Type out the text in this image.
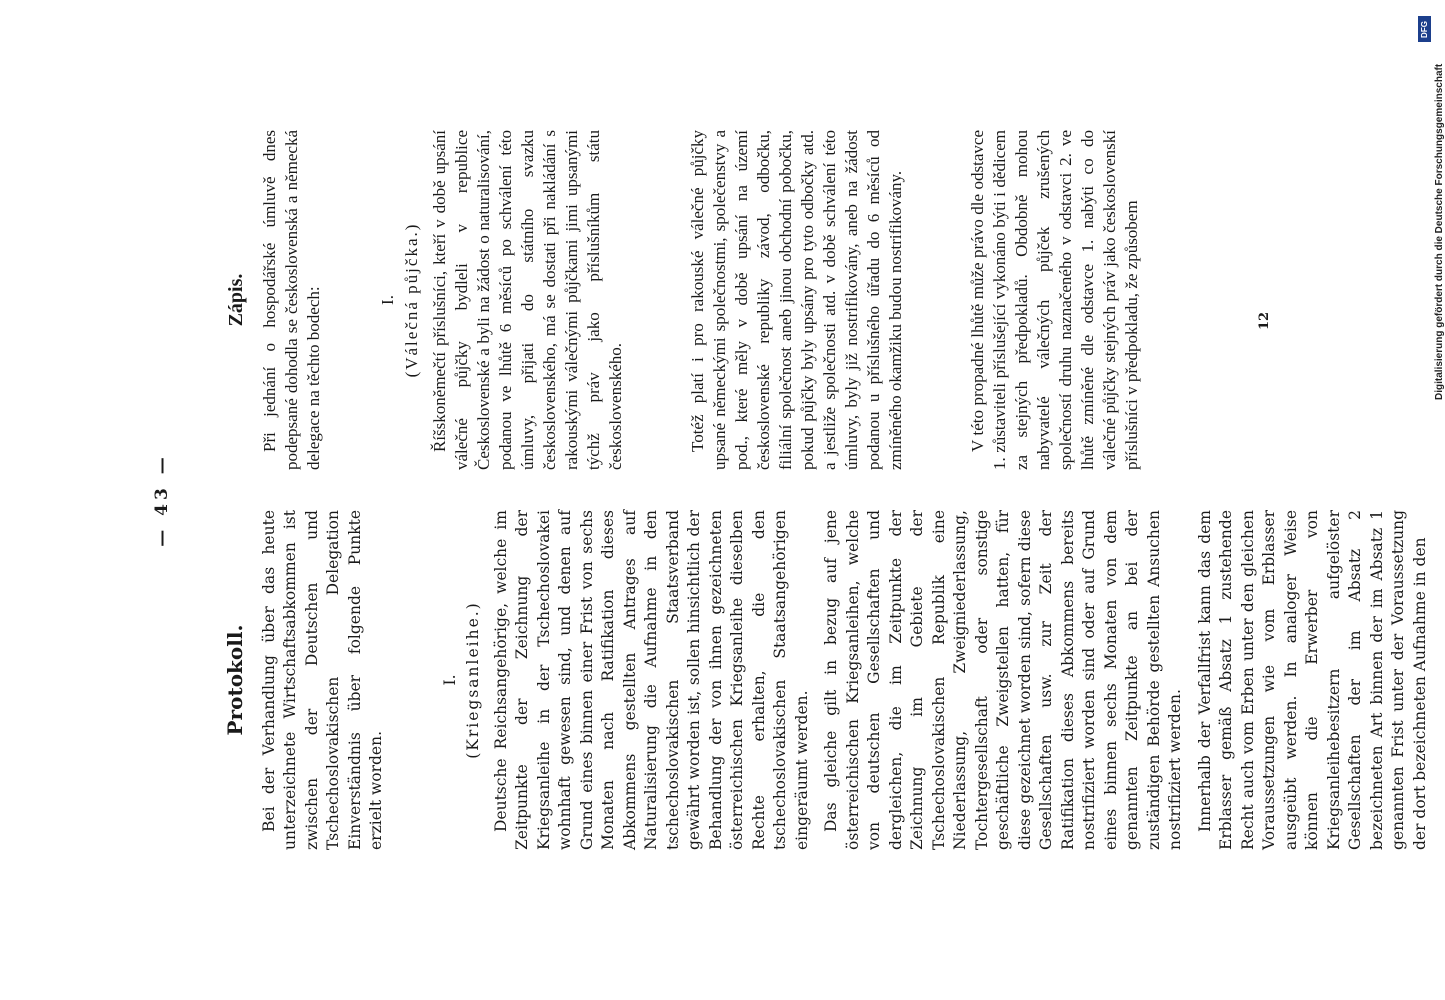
— 43 —

Protokoll. Bei der Verhandlung über das heute unterzeichnete Wirtschaftsabkommen ist zwischen der Deutschen und Tschechoslovakischen Delegation Einverständnis über folgende Punkte erzielt worden.

I. (Kriegsanleihe.) Deutsche Reichsangehörige, welche im Zeitpunkte der Zeichnung der Kriegsanleihe in der Tschechoslovakei wohnhaft gewesen sind, und denen auf Grund eines binnen einer Frist von sechs Monaten nach Ratifikation dieses Abkommens gestellten Antrages auf Naturalisierung die Aufnahme in den tschechoslovakischen Staatsverband gewährt worden ist, sollen hinsichtlich der Behandlung der von ihnen gezeichneten österreichischen Kriegsanleihe dieselben Rechte erhalten, die den tschechoslovakischen Staatsangehörigen eingeräumt werden. Das gleiche gilt in bezug auf jene österreichischen Kriegsanleihen, welche von deutschen Gesellschaften und dergleichen, die im Zeitpunkte der Zeichnung im Gebiete der Tschechoslovakischen Republik eine Niederlassung, Zweigniederlassung, Tochtergesellschaft oder sonstige geschäftliche Zweigstellen hatten, für diese gezeichnet worden sind, sofern diese Gesellschaften usw. zur Zeit der Ratifikation dieses Abkommens bereits nostrifiziert worden sind oder auf Grund eines binnen sechs Monaten von dem genannten Zeitpunkte an bei der zuständigen Behörde gestellten Ansuchen nostrifiziert werden. Innerhalb der Verfallfrist kann das dem Erblasser gemäß Absatz 1 zustehende Recht auch vom Erben unter den gleichen Voraussetzungen wie vom Erblasser ausgeübt werden. In analoger Weise können die Erwerber von Kriegsanleihebesitzern aufgelöster Gesellschaften der im Absatz 2 bezeichneten Art binnen der im Absatz 1 genannten Frist unter der Voraussetzung der dort bezeichneten Aufnahme in den

Zápis. Při jednání o hospodářské úmluvě dnes podepsané dohodla se československá a německá delegace na těchto bodech:	I. (Válečná půjčka.) Říšskoněmečtí příslušníci, kteří v době upsání válečné půjčky bydleli v republice Československé a byli na žádost o naturalisování, podanou ve lhůtě 6 měsíců po schválení této úmluvy, přijati do státního svazku československého, má se dostati při nakládání s rakouskými válečnými půjčkami jimi upsanými týchž práv jako příslušníkům státu československého.	Totéž platí i pro rakouské válečné půjčky upsané německými společnostmi, společenstvy a pod., které měly v době upsání na území československé republiky závod, odbočku, filiální společnost aneb jinou obchodní pobočku, pokud půjčky byly upsány pro tyto odbočky atd. a jestliže společnosti atd. v době schválení této úmluvy, byly již nostrifikovány, aneb na žádost podanou u příslušného úřadu do 6 měsíců od zmíněného okamžiku budou nostrifikovány.	V této propadné lhůtě může právo dle odstavce 1. zůstaviteli příslušející vykonáno býti i dědicem za stejných předpokladů. Obdobně mohou nabyvatelé válečných půjček zrušených společností druhu naznačeného v odstavci 2. ve lhůtě zmíněné dle odstavce 1. nabýti co do válečné půjčky stejných práv jako československí příslušníci v předpokladu, že způsobem	12
DFG
Digitalisierung gefördert durch die Deutsche Forschungsgemeinschaft
